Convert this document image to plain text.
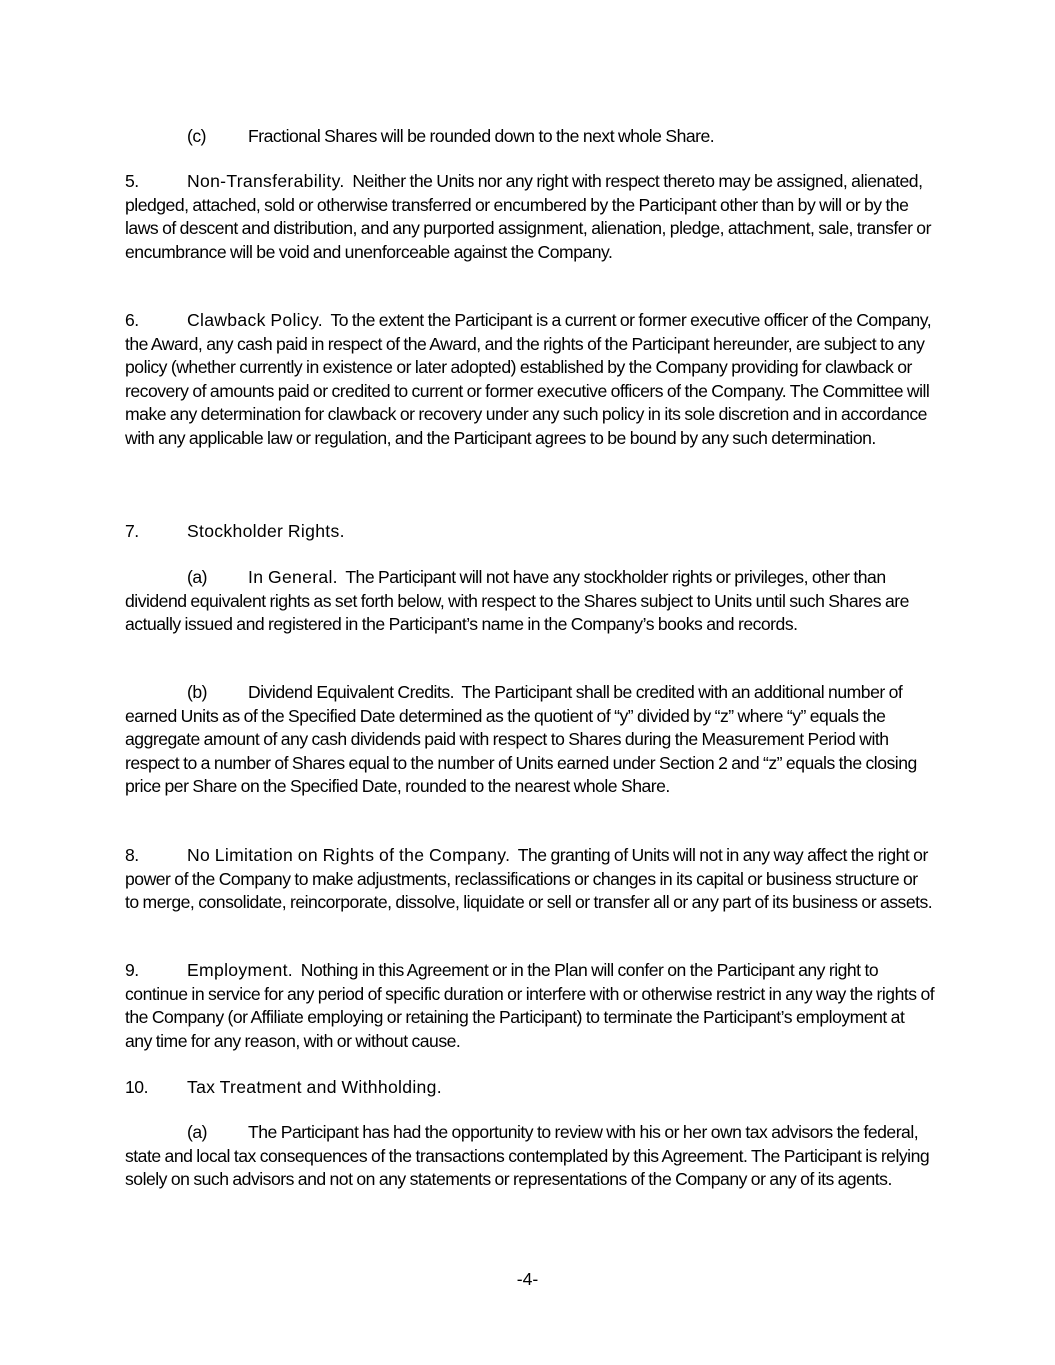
(c) Fractional Shares will be rounded down to the next whole Share.
5.	Non-Transferability. Neither the Units nor any right with respect thereto may be assigned, alienated, pledged, attached, sold or otherwise transferred or encumbered by the Participant other than by will or by the laws of descent and distribution, and any purported assignment, alienation, pledge, attachment, sale, transfer or encumbrance will be void and unenforceable against the Company.
6.	Clawback Policy. To the extent the Participant is a current or former executive officer of the Company, the Award, any cash paid in respect of the Award, and the rights of the Participant hereunder, are subject to any policy (whether currently in existence or later adopted) established by the Company providing for clawback or recovery of amounts paid or credited to current or former executive officers of the Company. The Committee will make any determination for clawback or recovery under any such policy in its sole discretion and in accordance with any applicable law or regulation, and the Participant agrees to be bound by any such determination.
7.	Stockholder Rights.
(a) In General. The Participant will not have any stockholder rights or privileges, other than dividend equivalent rights as set forth below, with respect to the Shares subject to Units until such Shares are actually issued and registered in the Participant’s name in the Company’s books and records.
(b) Dividend Equivalent Credits. The Participant shall be credited with an additional number of earned Units as of the Specified Date determined as the quotient of “y” divided by “z” where “y” equals the aggregate amount of any cash dividends paid with respect to Shares during the Measurement Period with respect to a number of Shares equal to the number of Units earned under Section 2 and “z” equals the closing price per Share on the Specified Date, rounded to the nearest whole Share.
8.	No Limitation on Rights of the Company. The granting of Units will not in any way affect the right or power of the Company to make adjustments, reclassifications or changes in its capital or business structure or to merge, consolidate, reincorporate, dissolve, liquidate or sell or transfer all or any part of its business or assets.
9.	Employment. Nothing in this Agreement or in the Plan will confer on the Participant any right to continue in service for any period of specific duration or interfere with or otherwise restrict in any way the rights of the Company (or Affiliate employing or retaining the Participant) to terminate the Participant’s employment at any time for any reason, with or without cause.
10. Tax Treatment and Withholding.
(a) The Participant has had the opportunity to review with his or her own tax advisors the federal, state and local tax consequences of the transactions contemplated by this Agreement. The Participant is relying solely on such advisors and not on any statements or representations of the Company or any of its agents.
-4-
